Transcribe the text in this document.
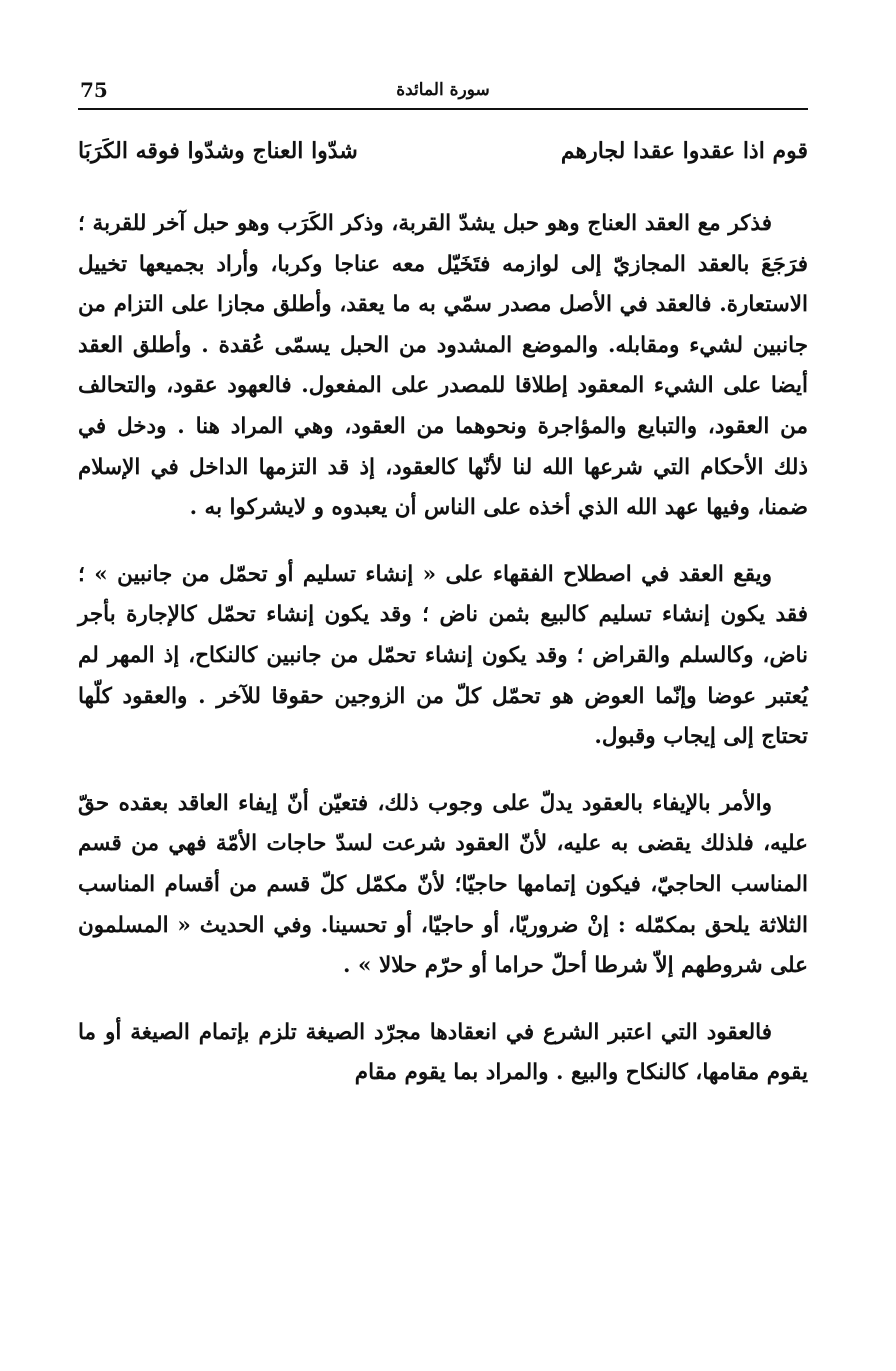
75	سورة المائدة
قوم اذا عقدوا عقدا لجارهم
شدّوا العناج وشدّوا فوقه الكَرَبَا

فذكر مع العقد العناج وهو حبل يشدّ القربة، وذكر الكَرَب وهو حبل آخر للقربة ؛ فرَجَعَ بالعقد المجازيّ إلى لوازمه فتَخَيّل معه عناجا وكربا، وأراد بجميعها تخييل الاستعارة. فالعقد في الأصل مصدر سمّي به ما يعقد، وأطلق مجازا على التزام من جانبين لشيء ومقابله. والموضع المشدود من الحبل يسمّى عُقدة . وأطلق العقد أيضا على الشيء المعقود إطلاقا للمصدر على المفعول. فالعهود عقود، والتحالف من العقود، والتبايع والمؤاجرة ونحوهما من العقود، وهي المراد هنا . ودخل في ذلك الأحكام التي شرعها الله لنا لأنّها كالعقود، إذ قد التزمها الداخل في الإسلام ضمنا، وفيها عهد الله الذي أخذه على الناس أن يعبدوه و لايشركوا به .

ويقع العقد في اصطلاح الفقهاء على « إنشاء تسليم أو تحمّل من جانبين » ؛ فقد يكون إنشاء تسليم كالبيع بثمن ناض ؛ وقد يكون إنشاء تحمّل كالإجارة بأجر ناض، وكالسلم والقراض ؛ وقد يكون إنشاء تحمّل من جانبين كالنكاح، إذ المهر لم يُعتبر عوضا وإنّما العوض هو تحمّل كلّ من الزوجين حقوقا للآخر . والعقود كلّها تحتاج إلى إيجاب وقبول.

والأمر بالإيفاء بالعقود يدلّ على وجوب ذلك، فتعيّن أنّ إيفاء العاقد بعقده حقّ عليه، فلذلك يقضى به عليه، لأنّ العقود شرعت لسدّ حاجات الأمّة فهي من قسم المناسب الحاجيّ، فيكون إتمامها حاجيّا؛ لأنّ مكمّل كلّ قسم من أقسام المناسب الثلاثة يلحق بمكمّله : إنْ ضروريّا، أو حاجيّا، أو تحسينا. وفي الحديث « المسلمون على شروطهم إلاّ شرطا أحلّ حراما أو حرّم حلالا » .

فالعقود التي اعتبر الشرع في انعقادها مجرّد الصيغة تلزم بإتمام الصيغة أو ما يقوم مقامها، كالنكاح والبيع . والمراد بما يقوم مقام
